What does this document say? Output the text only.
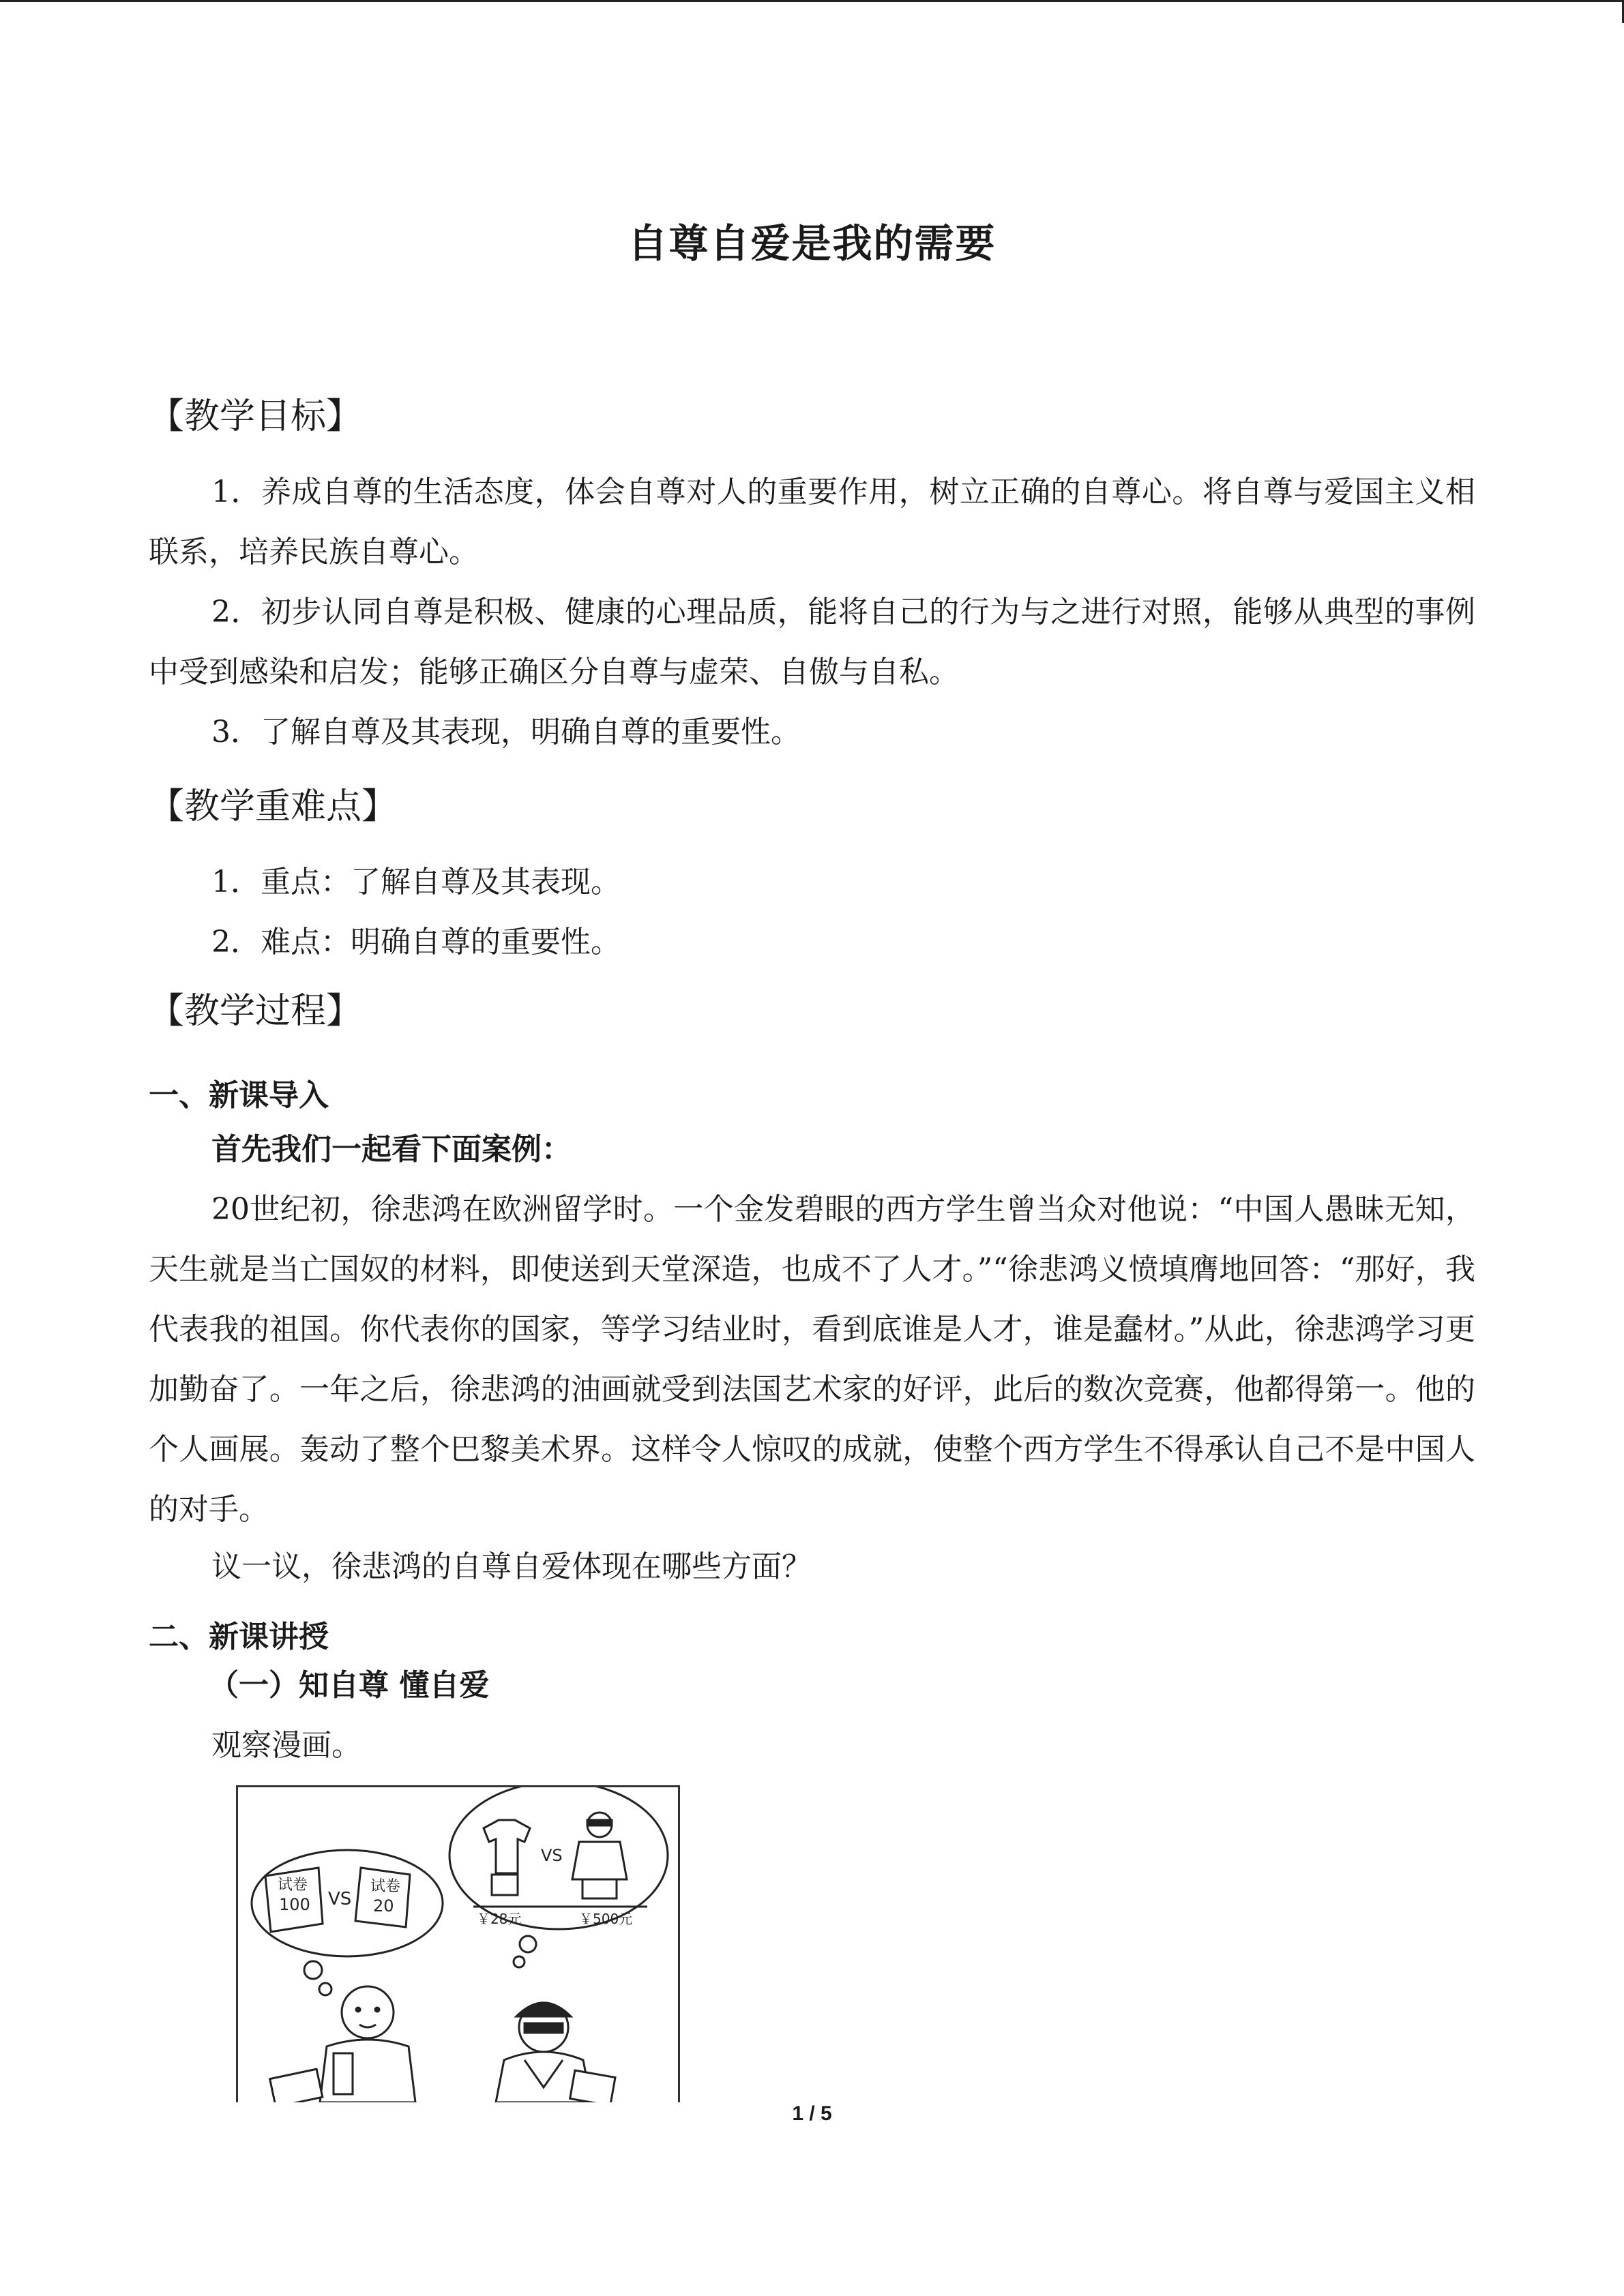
自尊自爱是我的需要
【教学目标】

1．养成自尊的生活态度，体会自尊对人的重要作用，树立正确的自尊心。将自尊与爱国主义相联系，培养民族自尊心。

2．初步认同自尊是积极、健康的心理品质，能将自己的行为与之进行对照，能够从典型的事例中受到感染和启发；能够正确区分自尊与虚荣、自傲与自私。

3．了解自尊及其表现，明确自尊的重要性。

【教学重难点】
1．重点：了解自尊及其表现。
2．难点：明确自尊的重要性。
【教学过程】
一、新课导入
首先我们一起看下面案例：

20世纪初，徐悲鸿在欧洲留学时。一个金发碧眼的西方学生曾当众对他说：“中国人愚昧无知，天生就是当亡国奴的材料，即使送到天堂深造，也成不了人才。”“徐悲鸿义愤填膺地回答：“那好，我代表我的祖国。你代表你的国家，等学习结业时，看到底谁是人才，谁是蠢材。”从此，徐悲鸿学习更加勤奋了。一年之后，徐悲鸿的油画就受到法国艺术家的好评，此后的数次竞赛，他都得第一。他的个人画展。轰动了整个巴黎美术界。这样令人惊叹的成就，使整个西方学生不得承认自己不是中国人的对手。

议一议，徐悲鸿的自尊自爱体现在哪些方面？
二、新课讲授
（一）知自尊 懂自爱
观察漫画。
试卷
100 VS
试卷
20
VS
￥28元	￥500元
1 / 5
